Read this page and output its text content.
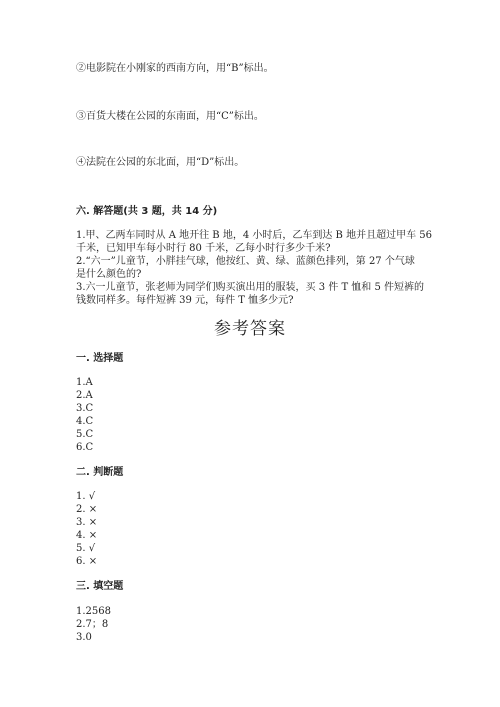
②电影院在小刚家的西南方向，用“B”标出。
③百货大楼在公园的东南面，用“C”标出。
④法院在公园的东北面，用“D”标出。
六. 解答题(共 3 题，共 14 分)
1.甲、乙两车同时从 A 地开往 B 地，4 小时后，乙车到达 B 地并且超过甲车 56
千米，已知甲车每小时行 80 千米，乙每小时行多少千米?
2.“六一”儿童节，小胖挂气球，他按红、黄、绿、蓝颜色排列，第 27 个气球
是什么颜色的?
3.六一儿童节，张老师为同学们购买演出用的服装，买 3 件 T 恤和 5 件短裤的
钱数同样多。每件短裤 39 元，每件 T 恤多少元?
参考答案
一. 选择题
1.A
2.A
3.C
4.C
5.C
6.C
二. 判断题
1. √
2. ×
3. ×
4. ×
5. √
6. ×
三. 填空题
1.2568
2.7；8
3.0
